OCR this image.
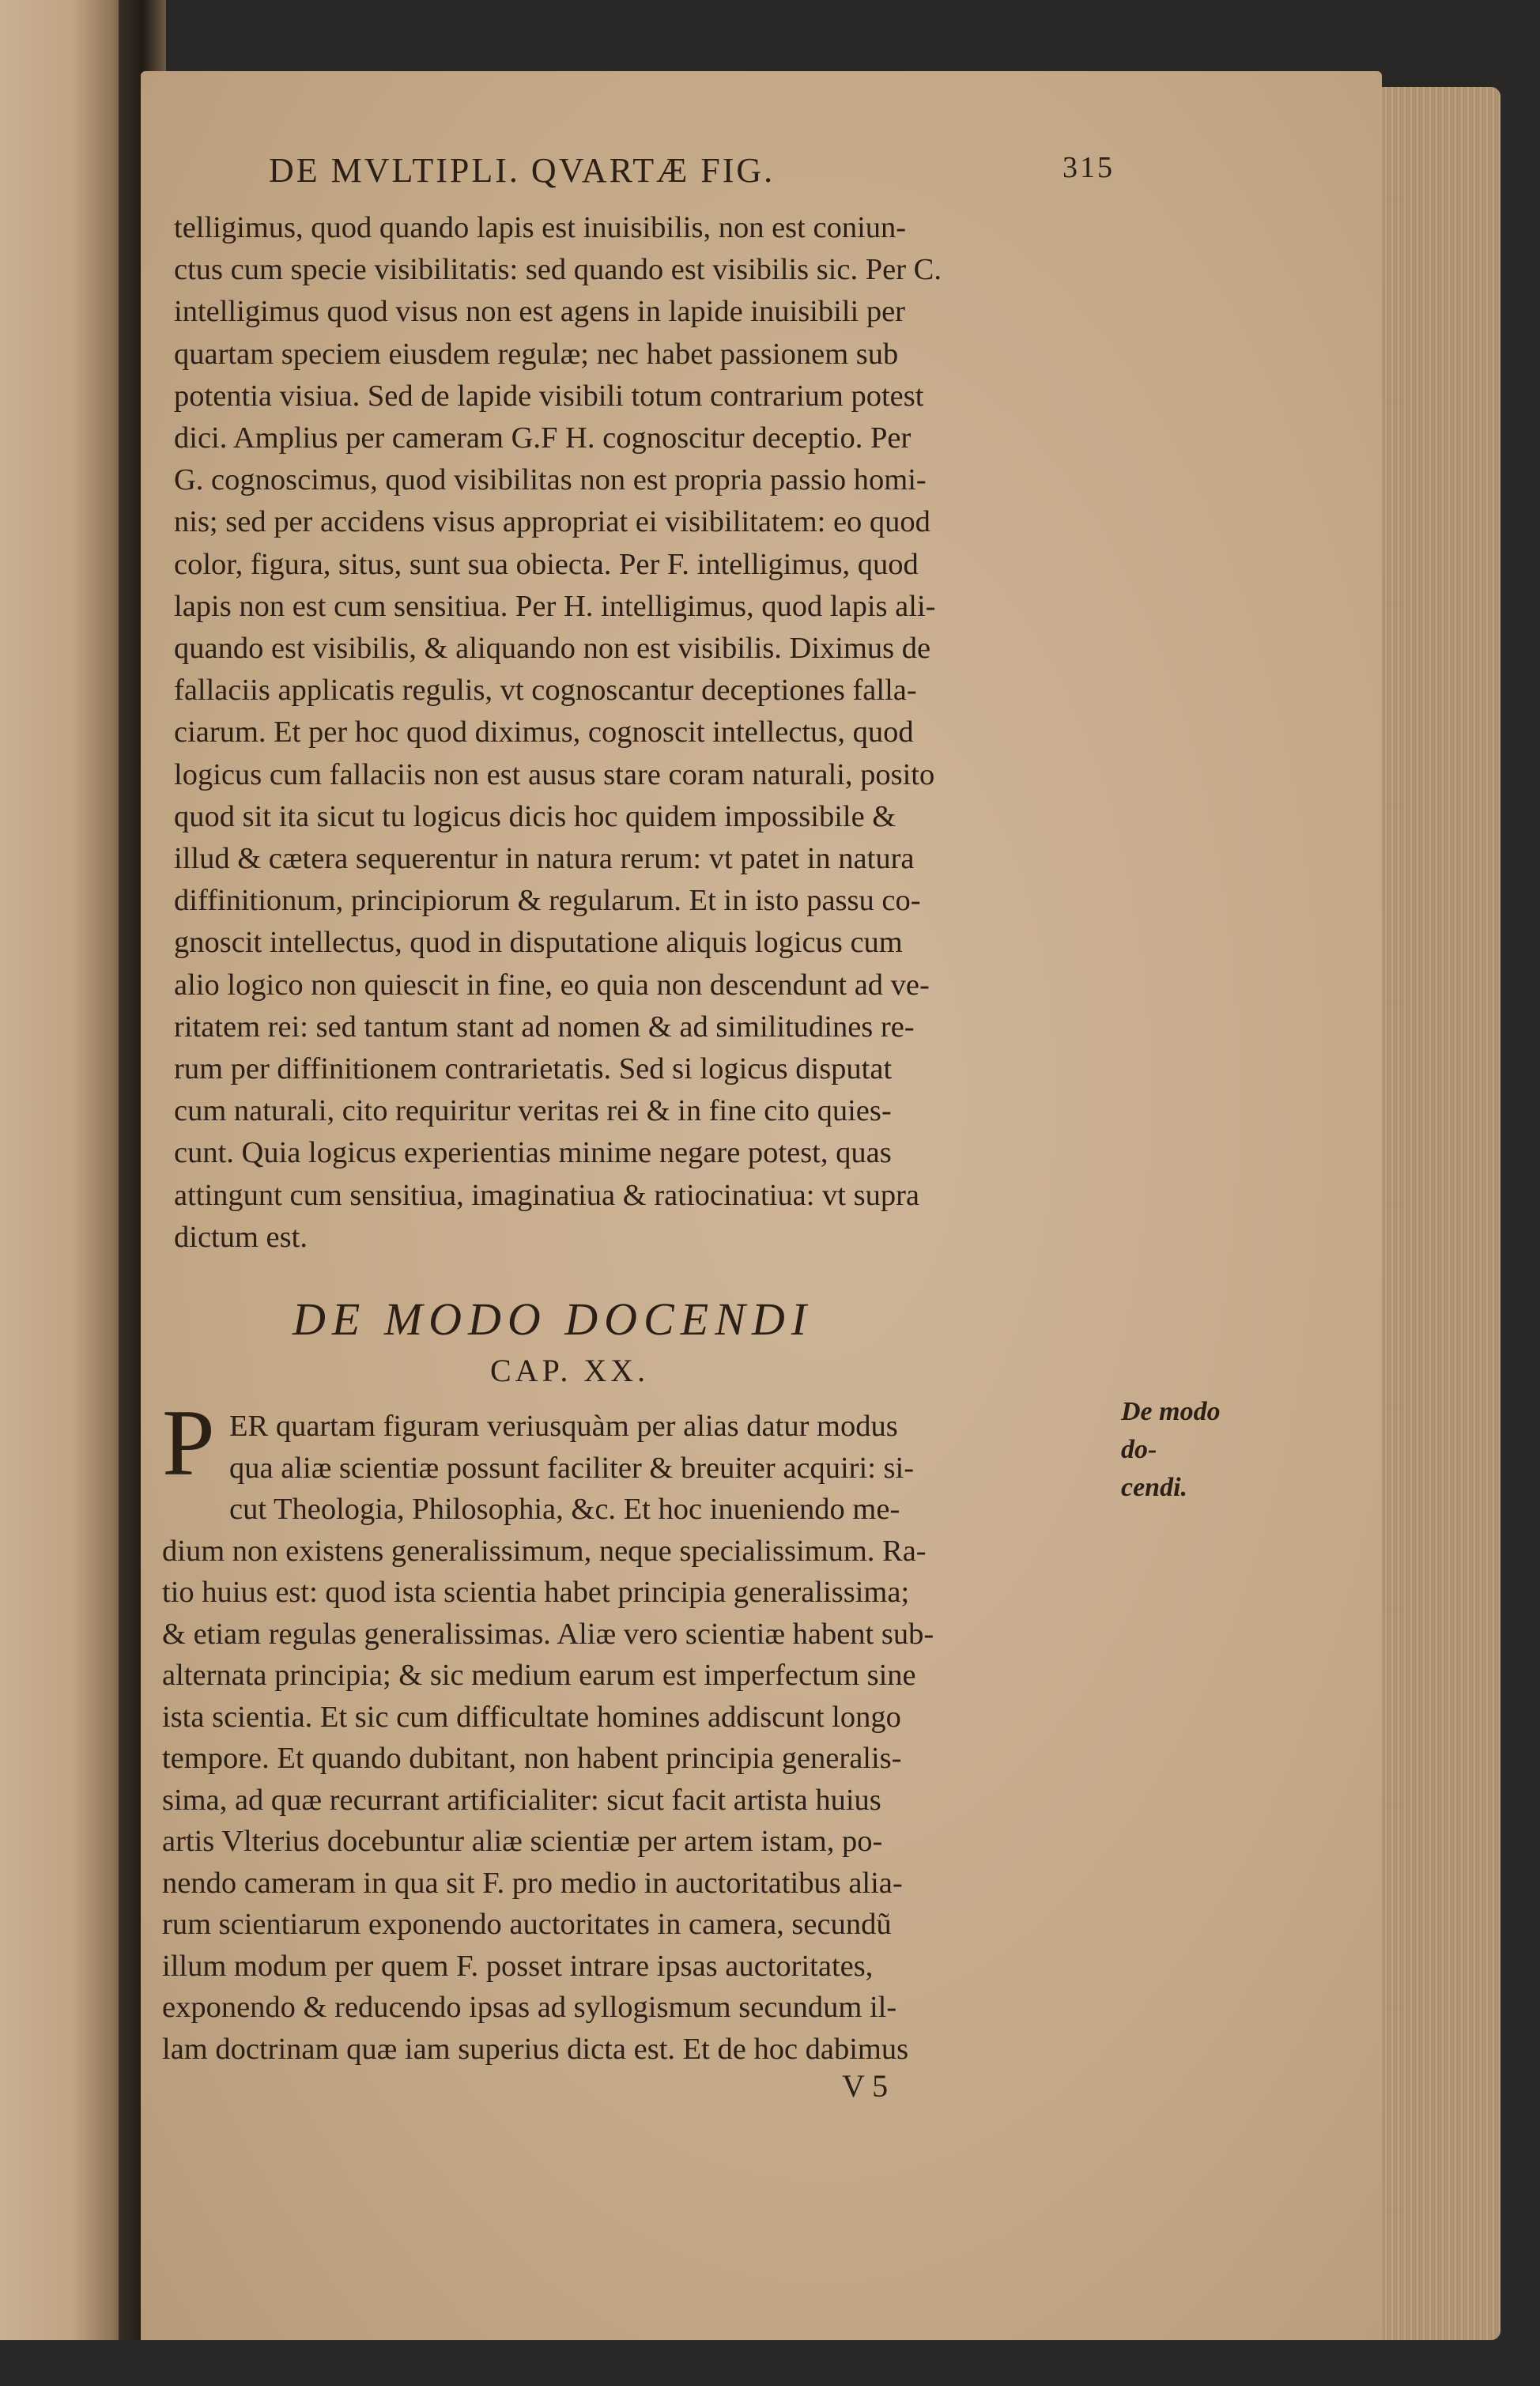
DE MVLTIPLI. QVARTÆ FIG.	315
telligimus, quod quando lapis est inuisibilis, non est coniun-
ctus cum specie visibilitatis: sed quando est visibilis sic. Per C.
intelligimus quod visus non est agens in lapide inuisibili per
quartam speciem eiusdem regulæ; nec habet passionem sub
potentia visiua. Sed de lapide visibili totum contrarium potest
dici. Amplius per cameram G.F H. cognoscitur deceptio. Per
G. cognoscimus, quod visibilitas non est propria passio homi-
nis; sed per accidens visus appropriat ei visibilitatem: eo quod
color, figura, situs, sunt sua obiecta. Per F. intelligimus, quod
lapis non est cum sensitiua. Per H. intelligimus, quod lapis ali-
quando est visibilis, & aliquando non est visibilis. Diximus de
fallaciis applicatis regulis, vt cognoscantur deceptiones falla-
ciarum. Et per hoc quod diximus, cognoscit intellectus, quod
logicus cum fallaciis non est ausus stare coram naturali, posito
quod sit ita sicut tu logicus dicis hoc quidem impossibile &
illud & cætera sequerentur in natura rerum: vt patet in natura
diffinitionum, principiorum & regularum. Et in isto passu co-
gnoscit intellectus, quod in disputatione aliquis logicus cum
alio logico non quiescit in fine, eo quia non descendunt ad ve-
ritatem rei: sed tantum stant ad nomen & ad similitudines re-
rum per diffinitionem contrarietatis. Sed si logicus disputat
cum naturali, cito requiritur veritas rei & in fine cito quies-
cunt. Quia logicus experientias minime negare potest, quas
attingunt cum sensitiua, imaginatiua & ratiocinatiua: vt supra
dictum est.
DE MODO DOCENDI
CAP. XX.
P ER quartam figuram veriusquàm per alias datur modus
qua aliæ scientiæ possunt faciliter & breuiter acquiri: si-
cut Theologia, Philosophia, &c. Et hoc inueniendo me-
dium non existens generalissimum, neque specialissimum. Ra-
tio huius est: quod ista scientia habet principia generalissima;
& etiam regulas generalissimas. Aliæ vero scientiæ habent sub-
alternata principia; & sic medium earum est imperfectum sine
ista scientia. Et sic cum difficultate homines addiscunt longo
tempore. Et quando dubitant, non habent principia generalis-
sima, ad quæ recurrant artificialiter: sicut facit artista huius
artis Vlterius docebuntur aliæ scientiæ per artem istam, po-
nendo cameram in qua sit F. pro medio in auctoritatibus alia-
rum scientiarum exponendo auctoritates in camera, secundũ
illum modum per quem F. posset intrare ipsas auctoritates,
exponendo & reducendo ipsas ad syllogismum secundum il-
lam doctrinam quæ iam superius dicta est. Et de hoc dabimus
De modo do-
cendi.
V 5
